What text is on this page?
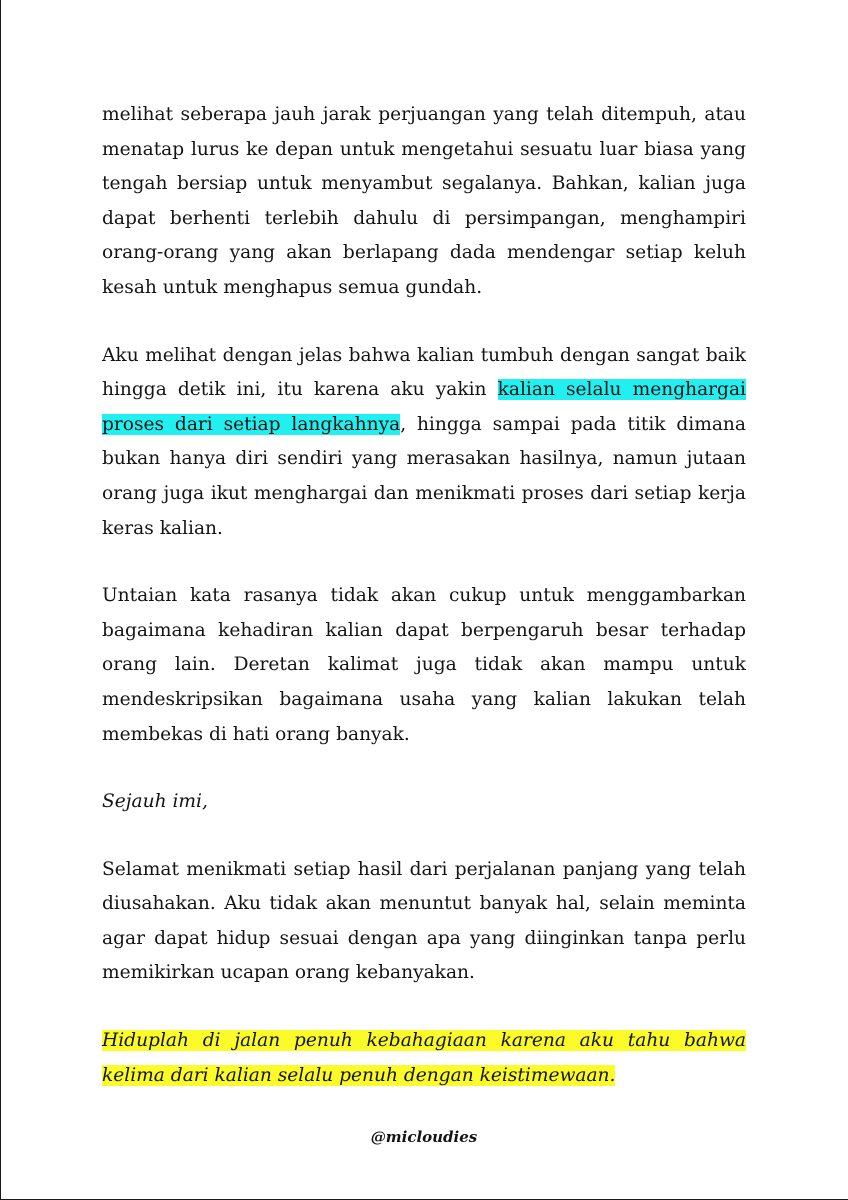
melihat seberapa jauh jarak perjuangan yang telah ditempuh, atau menatap lurus ke depan untuk mengetahui sesuatu luar biasa yang tengah bersiap untuk menyambut segalanya. Bahkan, kalian juga dapat berhenti terlebih dahulu di persimpangan, menghampiri orang-orang yang akan berlapang dada mendengar setiap keluh kesah untuk menghapus semua gundah.

Aku melihat dengan jelas bahwa kalian tumbuh dengan sangat baik hingga detik ini, itu karena aku yakin kalian selalu menghargai proses dari setiap langkahnya, hingga sampai pada titik dimana bukan hanya diri sendiri yang merasakan hasilnya, namun jutaan orang juga ikut menghargai dan menikmati proses dari setiap kerja keras kalian.

Untaian kata rasanya tidak akan cukup untuk menggambarkan bagaimana kehadiran kalian dapat berpengaruh besar terhadap orang lain. Deretan kalimat juga tidak akan mampu untuk mendeskripsikan bagaimana usaha yang kalian lakukan telah membekas di hati orang banyak.

Sejauh imi,

Selamat menikmati setiap hasil dari perjalanan panjang yang telah diusahakan. Aku tidak akan menuntut banyak hal, selain meminta agar dapat hidup sesuai dengan apa yang diinginkan tanpa perlu memikirkan ucapan orang kebanyakan.

Hiduplah di jalan penuh kebahagiaan karena aku tahu bahwa kelima dari kalian selalu penuh dengan keistimewaan.

@micloudies
